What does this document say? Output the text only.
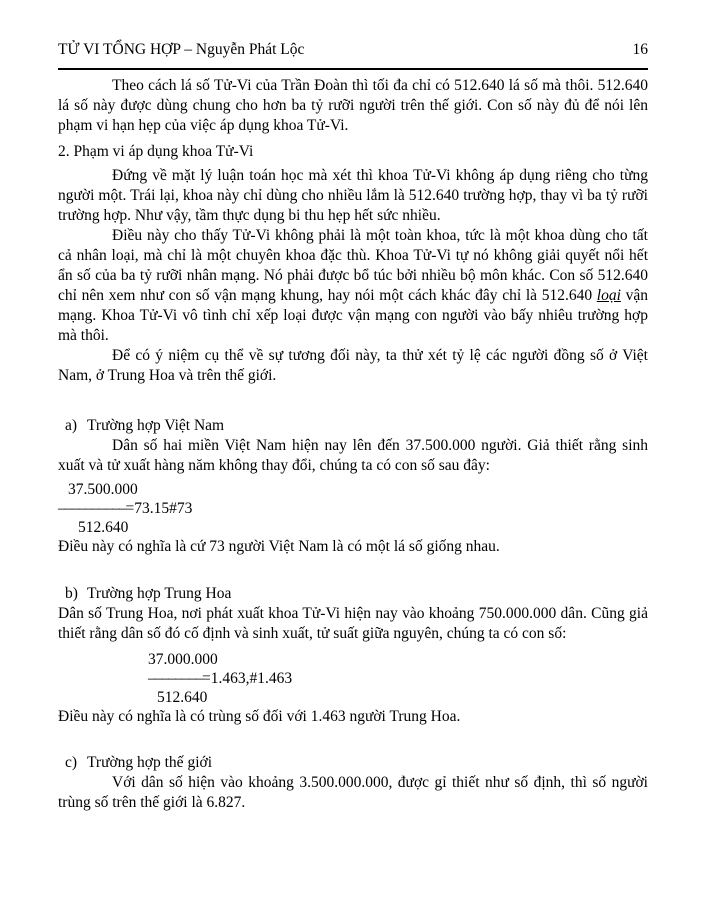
TỬ VI TỔNG HỢP – Nguyễn Phát Lộc	16

Theo cách lá số Tử-Vi của Trần Đoàn thì tối đa chỉ có 512.640 lá số mà thôi. 512.640 lá số này được dùng chung cho hơn ba tỷ rưỡi người trên thế giới. Con số này đủ để nói lên phạm vi hạn hẹp của việc áp dụng khoa Tử-Vi.

2. Phạm vi áp dụng khoa Tử-Vi

Đứng về mặt lý luận toán học mà xét thì khoa Tử-Vi không áp dụng riêng cho từng người một. Trái lại, khoa này chỉ dùng cho nhiều lắm là 512.640 trường hợp, thay vì ba tỷ rưỡi trường hợp. Như vậy, tầm thực dụng bi thu hẹp hết sức nhiều.

Điều này cho thấy Tử-Vi không phải là một toàn khoa, tức là một khoa dùng cho tất cả nhân loại, mà chỉ là một chuyên khoa đặc thù. Khoa Tử-Vi tự nó không giải quyết nổi hết ẩn số của ba tỷ rưỡi nhân mạng. Nó phải được bổ túc bởi nhiều bộ môn khác. Con số 512.640 chỉ nên xem như con số vận mạng khung, hay nói một cách khác đây chỉ là 512.640 loại vận mạng. Khoa Tử-Vi vô tình chỉ xếp loại được vận mạng con người vào bấy nhiêu trường hợp mà thôi.

Để có ý niệm cụ thể về sự tương đối này, ta thử xét tỷ lệ các người đồng số ở Việt Nam, ở Trung Hoa và trên thế giới.

a) Trường hợp Việt Nam

Dân số hai miền Việt Nam hiện nay lên đến 37.500.000 người. Giả thiết rằng sinh xuất và tử xuất hàng năm không thay đổi, chúng ta có con số sau đây:

37.500.000
––––––––––=73.15#73
512.640

Điều này có nghĩa là cứ 73 người Việt Nam là có một lá số giống nhau.

b) Trường hợp Trung Hoa

Dân số Trung Hoa, nơi phát xuất khoa Tử-Vi hiện nay vào khoảng 750.000.000 dân. Cũng giả thiết rằng dân số đó cố định và sinh xuất, tử suất giữa nguyên, chúng ta có con số:

37.000.000
––––––––=1.463,#1.463
512.640

Điều này có nghĩa là có trùng số đối với 1.463 người Trung Hoa.

c) Trường hợp thế giới

Với dân số hiện vào khoảng 3.500.000.000, được gỉ thiết như số định, thì số người trùng số trên thế giới là 6.827.
